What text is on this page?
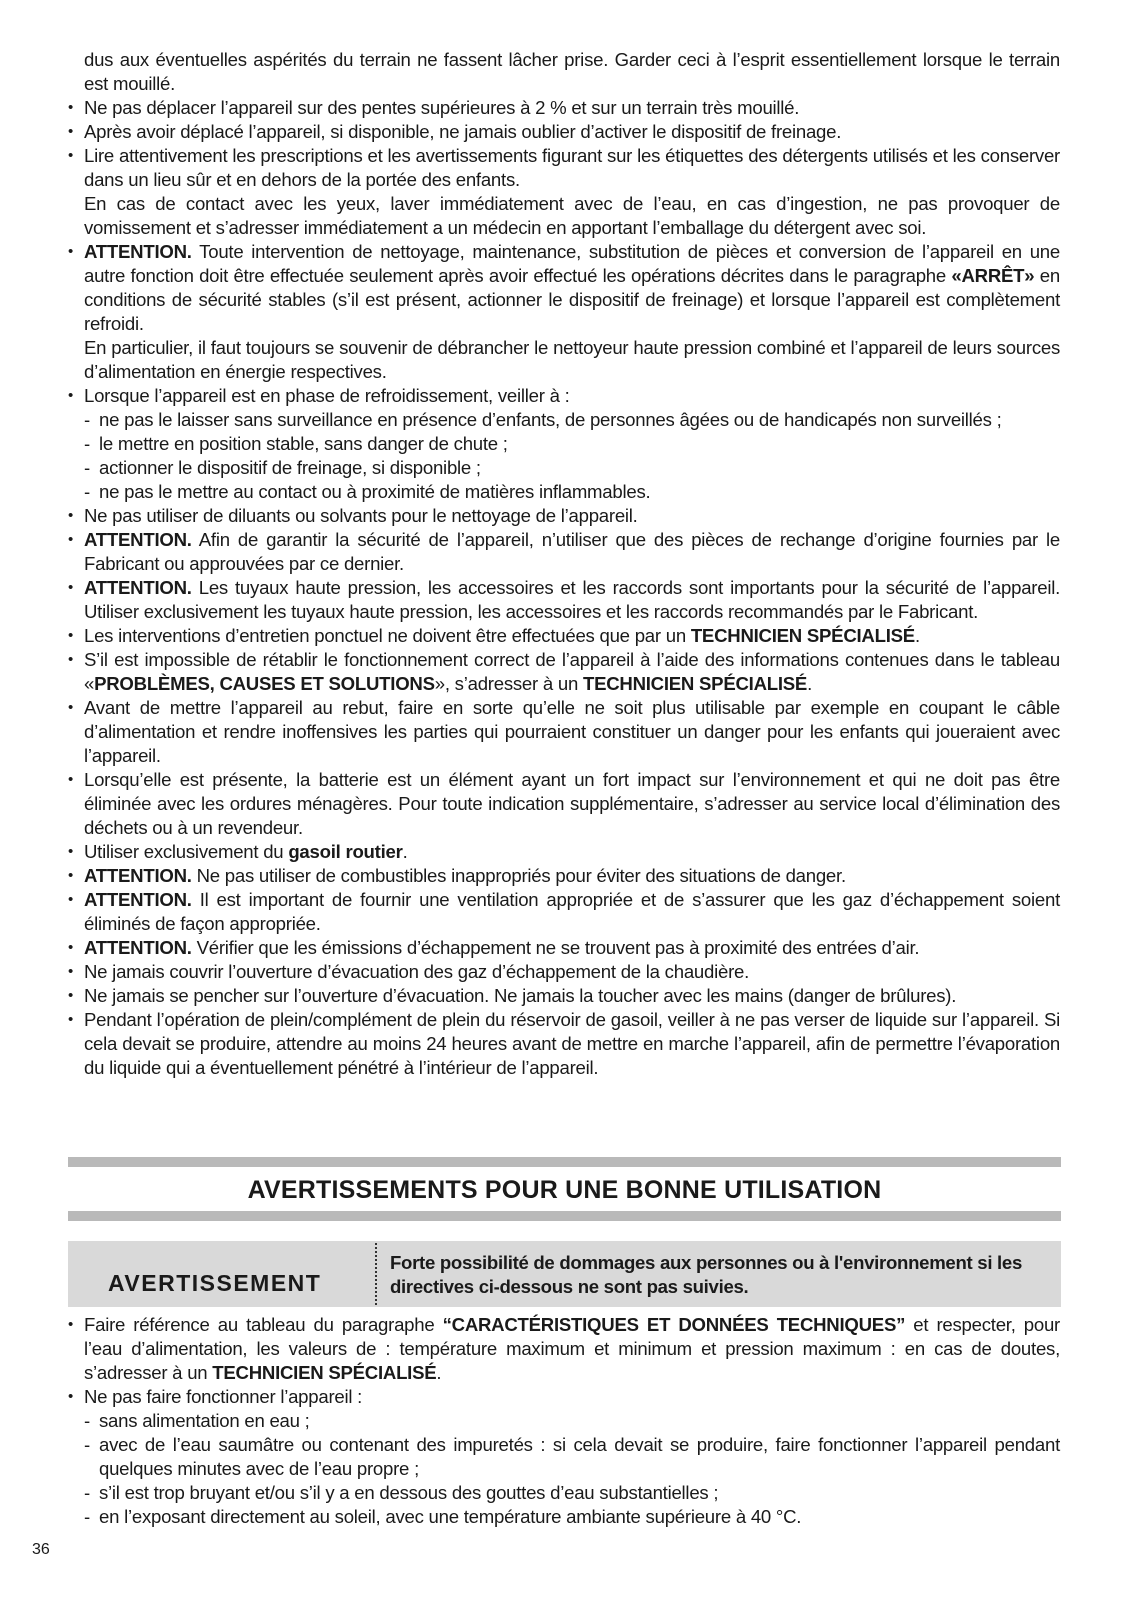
dus aux éventuelles aspérités du terrain ne fassent lâcher prise. Garder ceci à l’esprit essentiellement lorsque le terrain est mouillé.

• Ne pas déplacer l’appareil sur des pentes supérieures à 2 % et sur un terrain très mouillé.

• Après avoir déplacé l’appareil, si disponible, ne jamais oublier d’activer le dispositif de freinage.

• Lire attentivement les prescriptions et les avertissements figurant sur les étiquettes des détergents utilisés et les conserver dans un lieu sûr et en dehors de la portée des enfants.

En cas de contact avec les yeux, laver immédiatement avec de l’eau, en cas d’ingestion, ne pas provoquer de vomissement et s’adresser immédiatement a un médecin en apportant l’emballage du détergent avec soi.

• ATTENTION. Toute intervention de nettoyage, maintenance, substitution de pièces et conversion de l’appareil en une autre fonction doit être effectuée seulement après avoir effectué les opérations décrites dans le paragraphe «ARRÊT» en conditions de sécurité stables (s’il est présent, actionner le dispositif de freinage) et lorsque l’appareil est complètement refroidi.

En particulier, il faut toujours se souvenir de débrancher le nettoyeur haute pression combiné et l’appareil de leurs sources d’alimentation en énergie respectives.

• Lorsque l’appareil est en phase de refroidissement, veiller à :

- ne pas le laisser sans surveillance en présence d’enfants, de personnes âgées ou de handicapés non surveillés ;

- le mettre en position stable, sans danger de chute ;

- actionner le dispositif de freinage, si disponible ;

- ne pas le mettre au contact ou à proximité de matières inflammables.

• Ne pas utiliser de diluants ou solvants pour le nettoyage de l’appareil.

• ATTENTION. Afin de garantir la sécurité de l’appareil, n’utiliser que des pièces de rechange d’origine fournies par le Fabricant ou approuvées par ce dernier.

• ATTENTION. Les tuyaux haute pression, les accessoires et les raccords sont importants pour la sécurité de l’appareil. Utiliser exclusivement les tuyaux haute pression, les accessoires et les raccords recommandés par le Fabricant.

• Les interventions d’entretien ponctuel ne doivent être effectuées que par un TECHNICIEN SPÉCIALISÉ.

• S’il est impossible de rétablir le fonctionnement correct de l’appareil à l’aide des informations contenues dans le tableau «PROBLÈMES, CAUSES ET SOLUTIONS», s’adresser à un TECHNICIEN SPÉCIALISÉ.

• Avant de mettre l’appareil au rebut, faire en sorte qu’elle ne soit plus utilisable par exemple en coupant le câble d’alimentation et rendre inoffensives les parties qui pourraient constituer un danger pour les enfants qui joueraient avec l’appareil.

• Lorsqu’elle est présente, la batterie est un élément ayant un fort impact sur l’environnement et qui ne doit pas être éliminée avec les ordures ménagères. Pour toute indication supplémentaire, s’adresser au service local d’élimination des déchets ou à un revendeur.

• Utiliser exclusivement du gasoil routier.

• ATTENTION. Ne pas utiliser de combustibles inappropriés pour éviter des situations de danger.

• ATTENTION. Il est important de fournir une ventilation appropriée et de s’assurer que les gaz d’échappement soient éliminés de façon appropriée.

• ATTENTION. Vérifier que les émissions d’échappement ne se trouvent pas à proximité des entrées d’air.

• Ne jamais couvrir l’ouverture d’évacuation des gaz d’échappement de la chaudière.

• Ne jamais se pencher sur l’ouverture d’évacuation. Ne jamais la toucher avec les mains (danger de brûlures).

• Pendant l’opération de plein/complément de plein du réservoir de gasoil, veiller à ne pas verser de liquide sur l’appareil. Si cela devait se produire, attendre au moins 24 heures avant de mettre en marche l’appareil, afin de permettre l’évaporation du liquide qui a éventuellement pénétré à l’intérieur de l’appareil.

AVERTISSEMENTS POUR UNE BONNE UTILISATION
AVERTISSEMENT
Forte possibilité de dommages aux personnes ou à l'environnement si les directives ci-dessous ne sont pas suivies.

• Faire référence au tableau du paragraphe “CARACTÉRISTIQUES ET DONNÉES TECHNIQUES” et respecter, pour l’eau d’alimentation, les valeurs de : température maximum et minimum et pression maximum : en cas de doutes, s’adresser à un TECHNICIEN SPÉCIALISÉ.

• Ne pas faire fonctionner l’appareil :

- sans alimentation en eau ;

- avec de l’eau saumâtre ou contenant des impuretés : si cela devait se produire, faire fonctionner l’appareil pendant quelques minutes avec de l’eau propre ;

- s’il est trop bruyant et/ou s’il y a en dessous des gouttes d’eau substantielles ;

- en l’exposant directement au soleil, avec une température ambiante supérieure à 40 °C.

36
